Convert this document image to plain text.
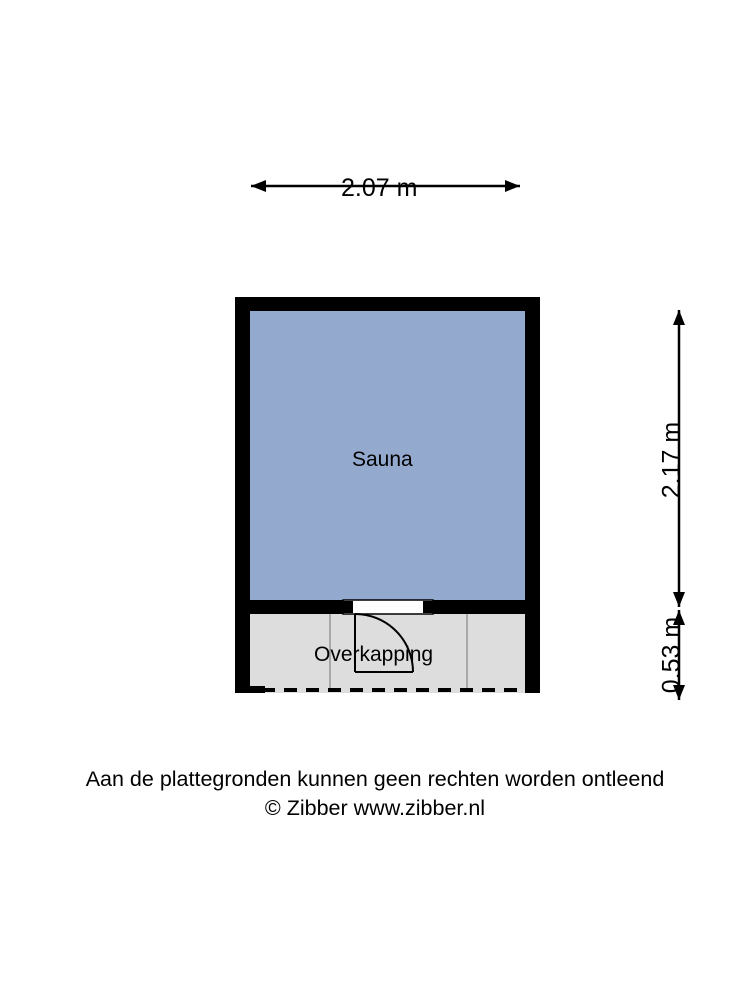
2.07 m
2.17 m
0.53 m
Sauna
Overkapping
Aan de plattegronden kunnen geen rechten worden ontleend
© Zibber www.zibber.nl
